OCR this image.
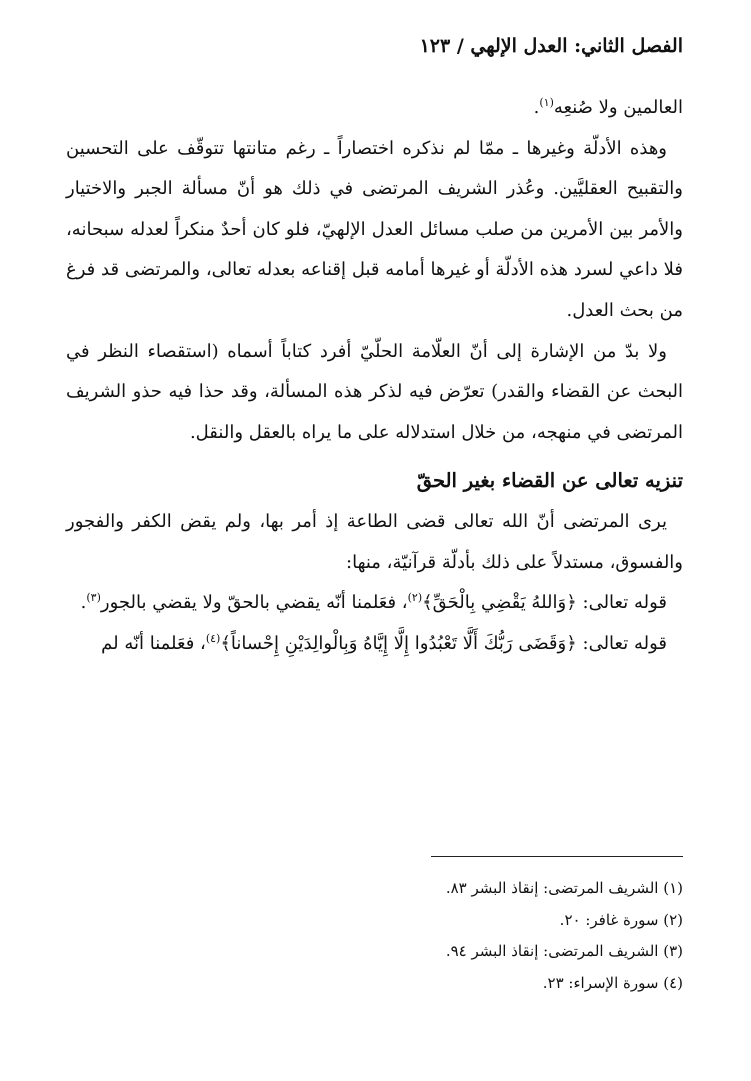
الفصل الثاني: العدل الإلهي / ١٢٣

العالمين ولا صُنعِه$^{(١)}$.

وهذه الأدلّة وغيرها ـ ممّا لم نذكره اختصاراً ـ رغم متانتها تتوقّف على التحسين والتقبيح العقليَّين. وعُذر الشريف المرتضى في ذلك هو أنّ مسألة الجبر والاختيار والأمر بين الأمرين من صلب مسائل العدل الإلهيّ، فلو كان أحدٌ منكراً لعدله سبحانه، فلا داعي لسرد هذه الأدلّة أو غيرها أمامه قبل إقناعه بعدله تعالى، والمرتضى قد فرغ من بحث العدل.

ولا بدّ من الإشارة إلى أنّ العلّامة الحلّيّ أفرد كتاباً أسماه (استقصاء النظر في البحث عن القضاء والقدر) تعرّض فيه لذكر هذه المسألة، وقد حذا فيه حذو الشريف المرتضى في منهجه، من خلال استدلاله على ما يراه بالعقل والنقل.

تنزيه تعالى عن القضاء بغير الحقّ

يرى المرتضى أنّ الله تعالى قضى الطاعة إذ أمر بها، ولم يقض الكفر والفجور والفسوق، مستدلاً على ذلك بأدلّة قرآنيّة، منها:

قوله تعالى: ﴿وَاللهُ يَقْضِي بِالْحَقِّ﴾$^{(٢)}$، فعَلمنا أنّه يقضي بالحقّ ولا يقضي بالجور$^{(٣)}$.

قوله تعالى: ﴿وَقَضَى رَبُّكَ أَلَّا تَعْبُدُوا إِلَّا إِيَّاهُ وَبِالْوالِدَيْنِ إِحْساناً﴾$^{(٤)}$، فعَلمنا أنّه لم

(١) الشريف المرتضى: إنقاذ البشر ٨٣.
(٢) سورة غافر: ٢٠.
(٣) الشريف المرتضى: إنقاذ البشر ٩٤.
(٤) سورة الإسراء: ٢٣.
